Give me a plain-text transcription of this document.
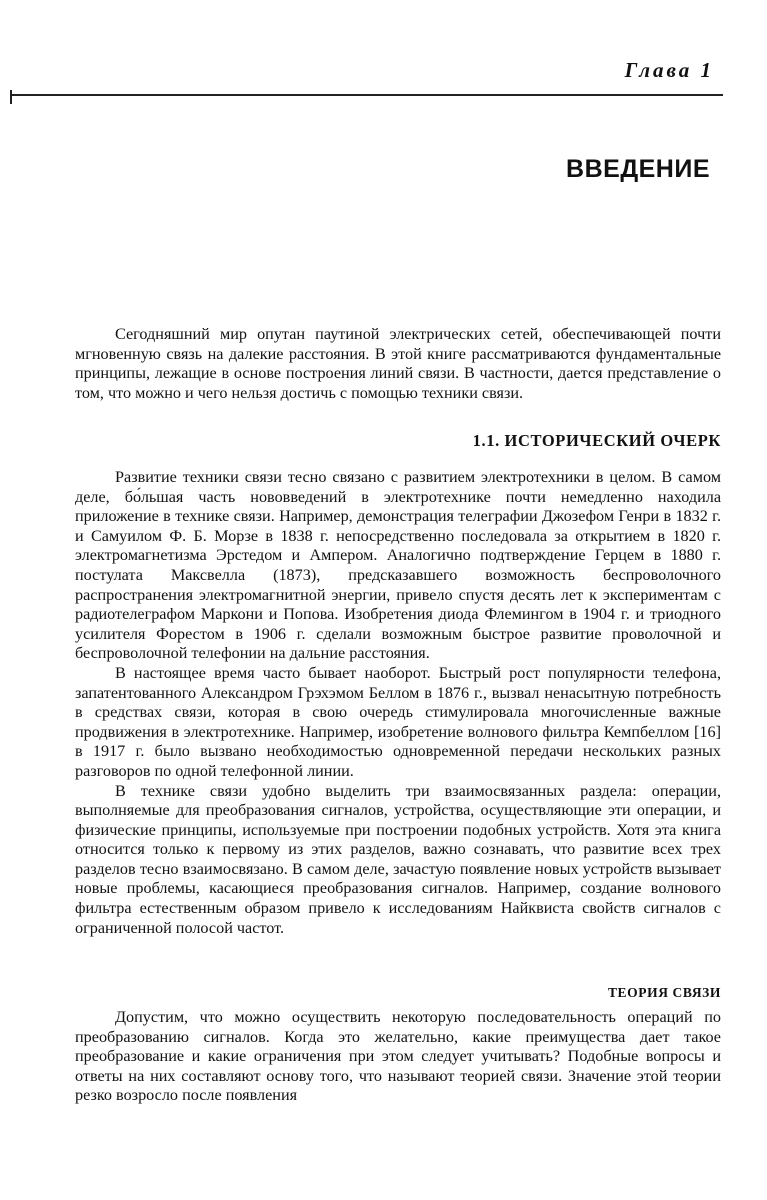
Глава 1
ВВЕДЕНИЕ

Сегодняшний мир опутан паутиной электрических сетей, обеспечивающей почти мгновенную связь на далекие расстояния. В этой книге рассматриваются фундаментальные принципы, лежащие в основе построения линий связи. В частности, дается представление о том, что можно и чего нельзя достичь с помощью техники связи.

1.1. ИСТОРИЧЕСКИЙ ОЧЕРК

Развитие техники связи тесно связано с развитием электротехники в целом. В самом деле, бо́льшая часть нововведений в электротехнике почти немедленно находила приложение в технике связи. Например, демонстрация телеграфии Джозефом Генри в 1832 г. и Самуилом Ф. Б. Морзе в 1838 г. непосредственно последовала за открытием в 1820 г. электромагнетизма Эрстедом и Ампером. Аналогично подтверждение Герцем в 1880 г. постулата Максвелла (1873), предсказавшего возможность беспроволочного распространения электромагнитной энергии, привело спустя десять лет к экспериментам с радиотелеграфом Маркони и Попова. Изобретения диода Флемингом в 1904 г. и триодного усилителя Форестом в 1906 г. сделали возможным быстрое развитие проволочной и беспроволочной телефонии на дальние расстояния.

В настоящее время часто бывает наоборот. Быстрый рост популярности телефона, запатентованного Александром Грэхэмом Беллом в 1876 г., вызвал ненасытную потребность в средствах связи, которая в свою очередь стимулировала многочисленные важные продвижения в электротехнике. Например, изобретение волнового фильтра Кемпбеллом [16] в 1917 г. было вызвано необходимостью одновременной передачи нескольких разных разговоров по одной телефонной линии.

В технике связи удобно выделить три взаимосвязанных раздела: операции, выполняемые для преобразования сигналов, устройства, осуществляющие эти операции, и физические принципы, используемые при построении подобных устройств. Хотя эта книга относится только к первому из этих разделов, важно сознавать, что развитие всех трех разделов тесно взаимосвязано. В самом деле, зачастую появление новых устройств вызывает новые проблемы, касающиеся преобразования сигналов. Например, создание волнового фильтра естественным образом привело к исследованиям Найквиста свойств сигналов с ограниченной полосой частот.

ТЕОРИЯ СВЯЗИ

Допустим, что можно осуществить некоторую последовательность операций по преобразованию сигналов. Когда это желательно, какие преимущества дает такое преобразование и какие ограничения при этом следует учитывать? Подобные вопросы и ответы на них составляют основу того, что называют теорией связи. Значение этой теории резко возросло после появления
